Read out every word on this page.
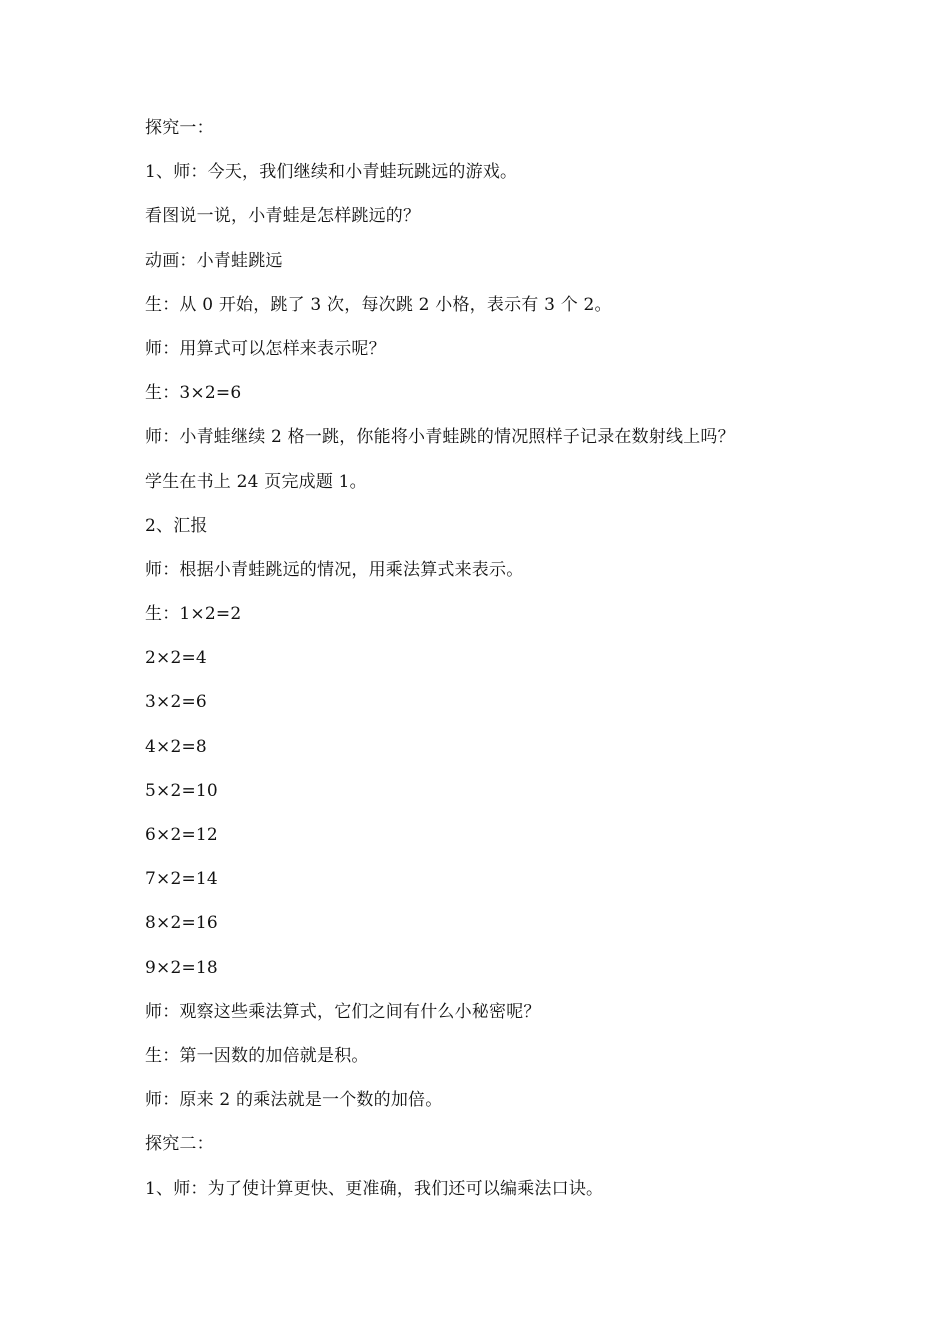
探究一：
1、师：今天，我们继续和小青蛙玩跳远的游戏。
看图说一说，小青蛙是怎样跳远的？
动画：小青蛙跳远
生：从 0 开始，跳了 3 次，每次跳 2 小格，表示有 3 个 2。
师：用算式可以怎样来表示呢？
生：3×2=6
师：小青蛙继续 2 格一跳，你能将小青蛙跳的情况照样子记录在数射线上吗？
学生在书上 24 页完成题 1。
2、汇报
师：根据小青蛙跳远的情况，用乘法算式来表示。
生：1×2=2
2×2=4
3×2=6
4×2=8
5×2=10
6×2=12
7×2=14
8×2=16
9×2=18
师：观察这些乘法算式，它们之间有什么小秘密呢？
生：第一因数的加倍就是积。
师：原来 2 的乘法就是一个数的加倍。
探究二：
1、师：为了使计算更快、更准确，我们还可以编乘法口诀。
